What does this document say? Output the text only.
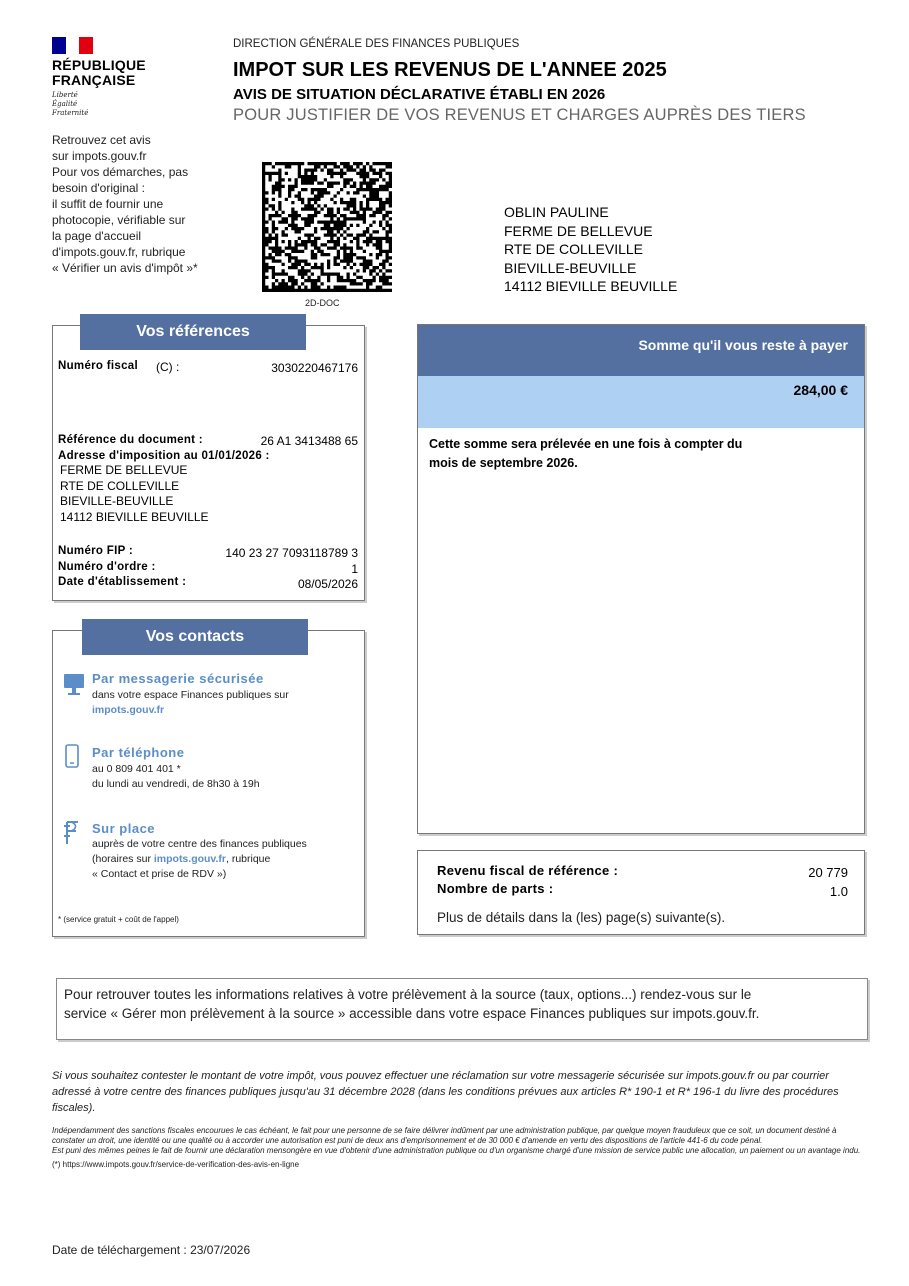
RÉPUBLIQUE
FRANÇAISE
Liberté
Égalité
Fraternité
DIRECTION GÉNÉRALE DES FINANCES PUBLIQUES
IMPOT SUR LES REVENUS DE L'ANNEE 2025
AVIS DE SITUATION DÉCLARATIVE ÉTABLI EN 2026
POUR JUSTIFIER DE VOS REVENUS ET CHARGES AUPRÈS DES TIERS
Retrouvez cet avis
sur impots.gouv.fr
Pour vos démarches, pas
besoin d'original :
il suffit de fournir une
photocopie, vérifiable sur
la page d'accueil
d'impots.gouv.fr, rubrique
« Vérifier un avis d'impôt »*
2D-DOC
OBLIN PAULINE
FERME DE BELLEVUE
RTE DE COLLEVILLE
BIEVILLE-BEUVILLE
14112 BIEVILLE BEUVILLE
Vos références
Numéro fiscal (C) :	3030220467176
Référence du document :	26 A1 3413488 65
Adresse d'imposition au 01/01/2026 :
FERME DE BELLEVUE
RTE DE COLLEVILLE
BIEVILLE-BEUVILLE
14112 BIEVILLE BEUVILLE
Numéro FIP :	140 23 27 7093118789 3
Numéro d'ordre :	1
Date d'établissement :	08/05/2026
Vos contacts
Par messagerie sécurisée
dans votre espace Finances publiques sur
impots.gouv.fr
Par téléphone
au 0 809 401 401 *
du lundi au vendredi, de 8h30 à 19h
Sur place
auprès de votre centre des finances publiques
(horaires sur impots.gouv.fr, rubrique
« Contact et prise de RDV »)
* (service gratuit + coût de l'appel)
Somme qu'il vous reste à payer
284,00 €
Cette somme sera prélevée en une fois à compter du
mois de septembre 2026.
Revenu fiscal de référence :	20 779
Nombre de parts :	1.0
Plus de détails dans la (les) page(s) suivante(s).
Pour retrouver toutes les informations relatives à votre prélèvement à la source (taux, options...) rendez-vous sur le
service « Gérer mon prélèvement à la source » accessible dans votre espace Finances publiques sur impots.gouv.fr.
Si vous souhaitez contester le montant de votre impôt, vous pouvez effectuer une réclamation sur votre messagerie sécurisée sur impots.gouv.fr ou par courrier adressé à votre centre des finances publiques jusqu'au 31 décembre 2028 (dans les conditions prévues aux articles R* 190-1 et R* 196-1 du livre des procédures fiscales).
Indépendamment des sanctions fiscales encourues le cas échéant, le fait pour une personne de se faire délivrer indûment par une administration publique, par quelque moyen frauduleux que ce soit, un document destiné à constater un droit, une identité ou une qualité ou à accorder une autorisation est puni de deux ans d'emprisonnement et de 30 000 € d'amende en vertu des dispositions de l'article 441-6 du code pénal.
Est puni des mêmes peines le fait de fournir une déclaration mensongère en vue d'obtenir d'une administration publique ou d'un organisme chargé d'une mission de service public une allocation, un paiement ou un avantage indu.
(*) https://www.impots.gouv.fr/service-de-verification-des-avis-en-ligne
Date de téléchargement : 23/07/2026
